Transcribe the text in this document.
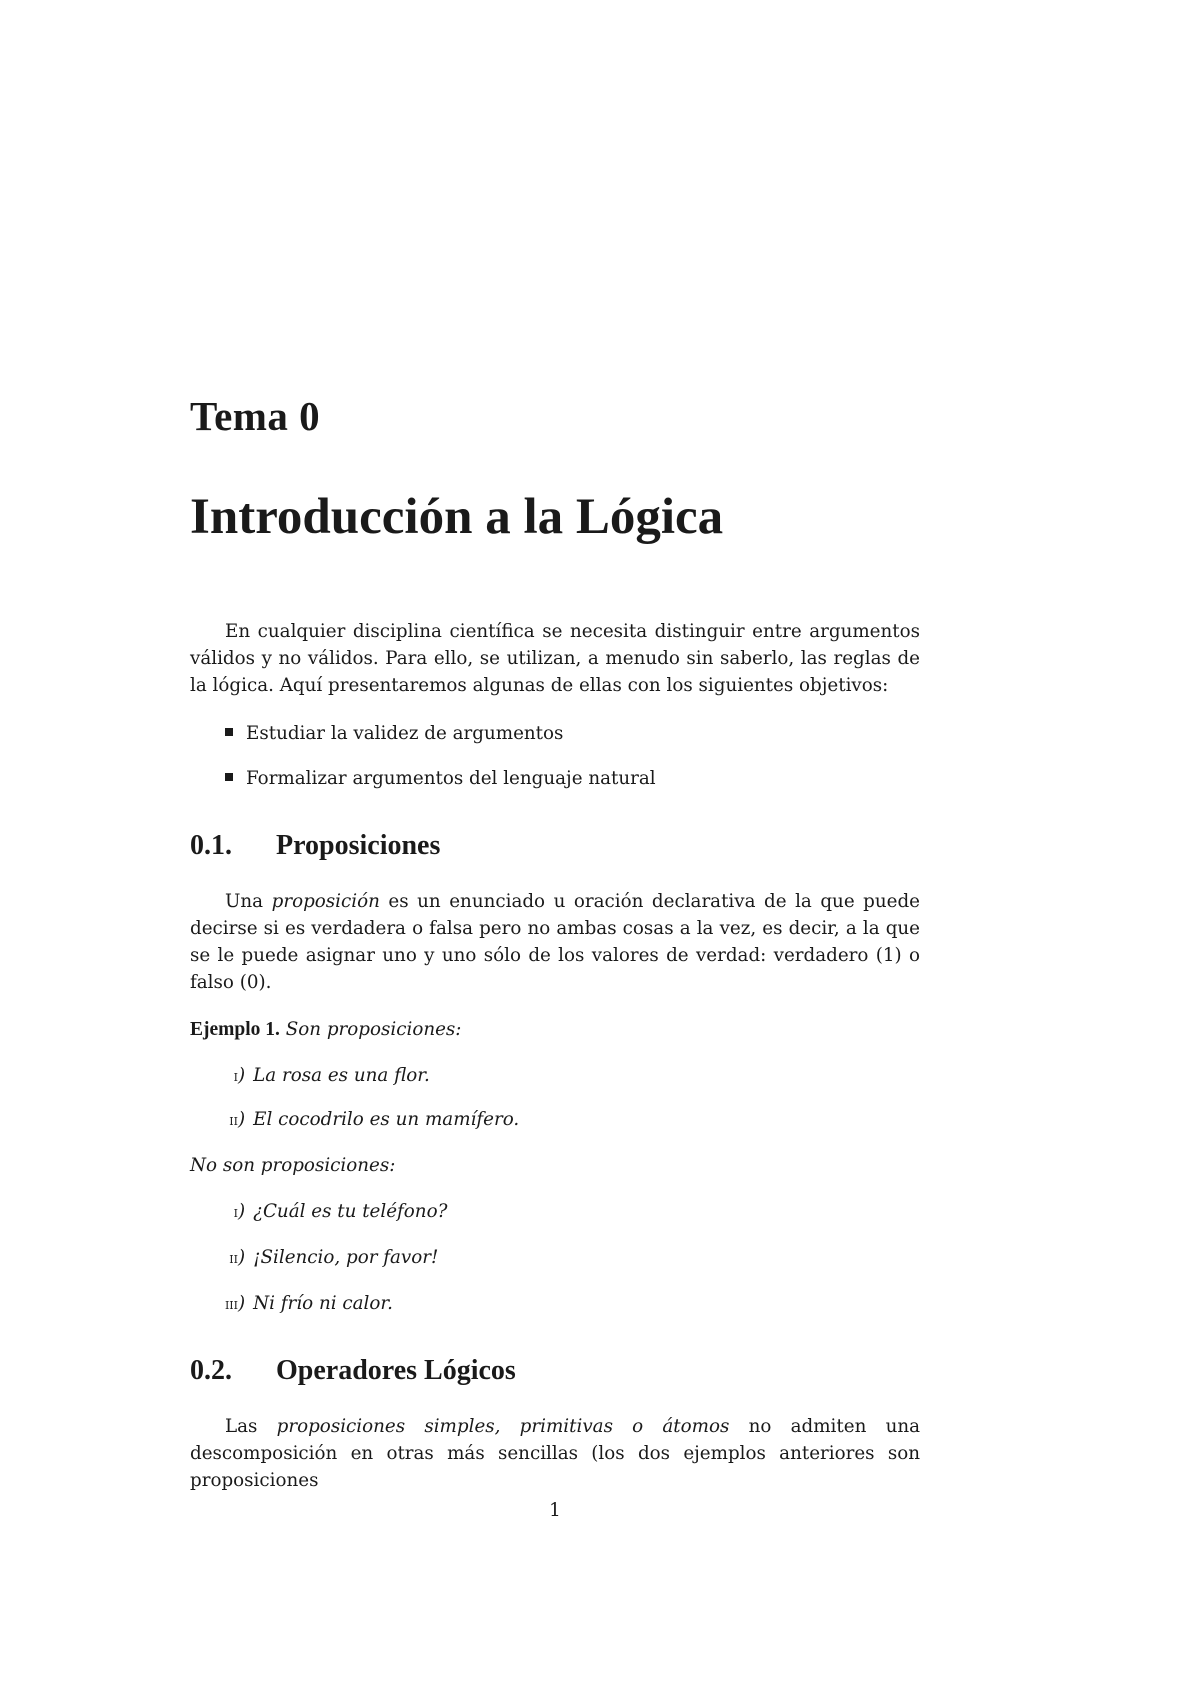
Tema 0
Introducción a la Lógica

En cualquier disciplina científica se necesita distinguir entre argumentos válidos y no válidos. Para ello, se utilizan, a menudo sin saberlo, las reglas de la lógica. Aquí presentaremos algunas de ellas con los siguientes objetivos:

Estudiar la validez de argumentos
Formalizar argumentos del lenguaje natural
0.1. Proposiciones

Una proposición es un enunciado u oración declarativa de la que puede decirse si es verdadera o falsa pero no ambas cosas a la vez, es decir, a la que se le puede asignar uno y uno sólo de los valores de verdad: verdadero (1) o falso (0).

Ejemplo 1. Son proposiciones:
i) La rosa es una flor.
ii) El cocodrilo es un mamífero.
No son proposiciones:
i) ¿Cuál es tu teléfono?
ii) ¡Silencio, por favor!
iii) Ni frío ni calor.
0.2. Operadores Lógicos

Las proposiciones simples, primitivas o átomos no admiten una descomposición en otras más sencillas (los dos ejemplos anteriores son proposiciones

1
